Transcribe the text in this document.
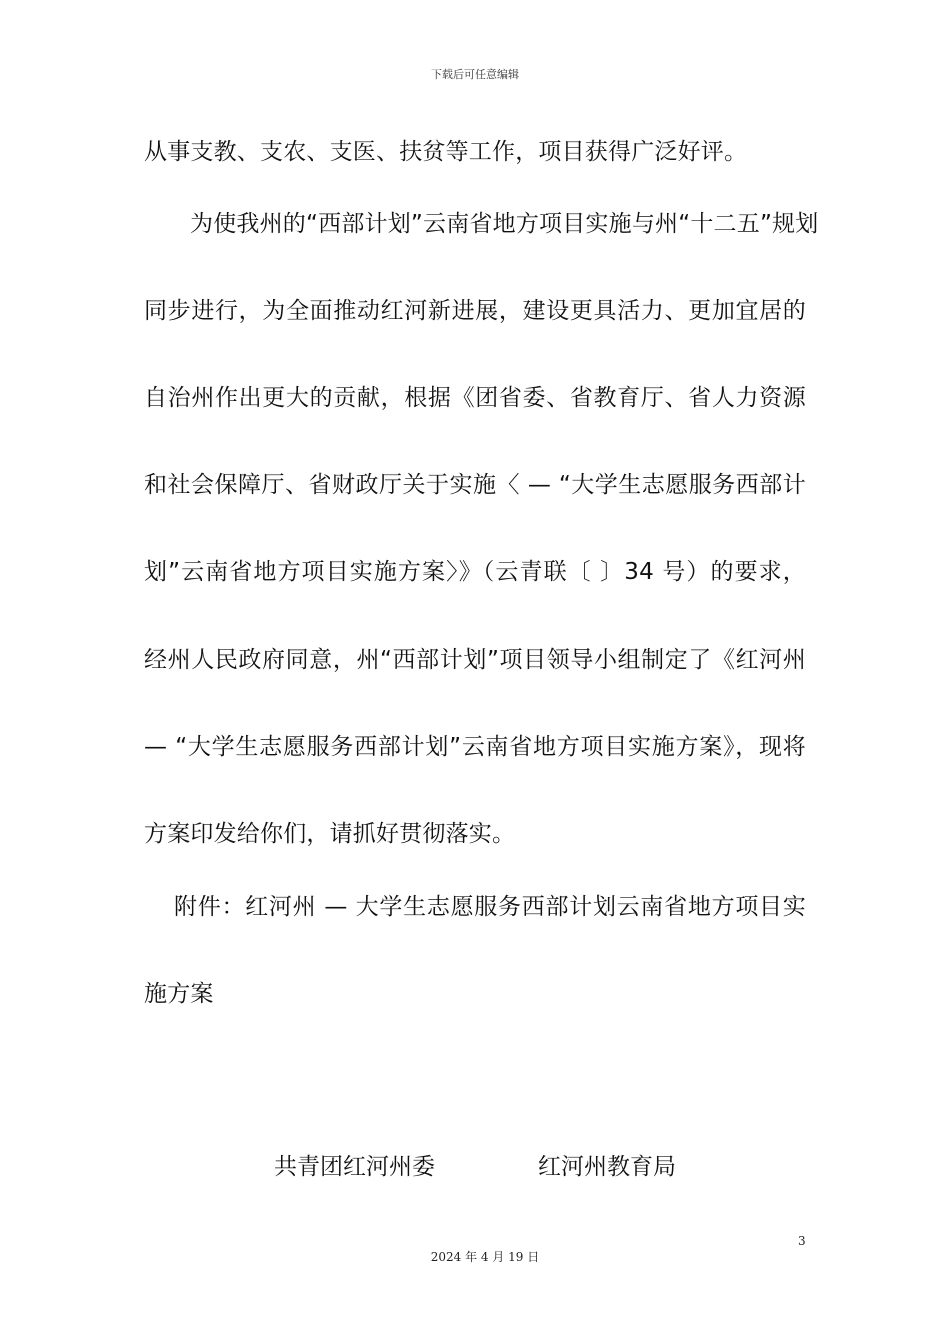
下载后可任意编辑
从事支教、支农、支医、扶贫等工作，项目获得广泛好评。
为使我州的“西部计划”云南省地方项目实施与州“十二五”规划
同步进行，为全面推动红河新进展，建设更具活力、更加宜居的
自治州作出更大的贡献，根据《团省委、省教育厅、省人力资源
和社会保障厅、省财政厅关于实施〈 — “大学生志愿服务西部计
划”云南省地方项目实施方案〉》（云青联〔 〕34 号）的要求，
经州人民政府同意，州“西部计划”项目领导小组制定了《红河州
— “大学生志愿服务西部计划”云南省地方项目实施方案》，现将
方案印发给你们，请抓好贯彻落实。
附件：红河州 — 大学生志愿服务西部计划云南省地方项目实
施方案
共青团红河州委	红河州教育局
3
2024 年 4 月 19 日
